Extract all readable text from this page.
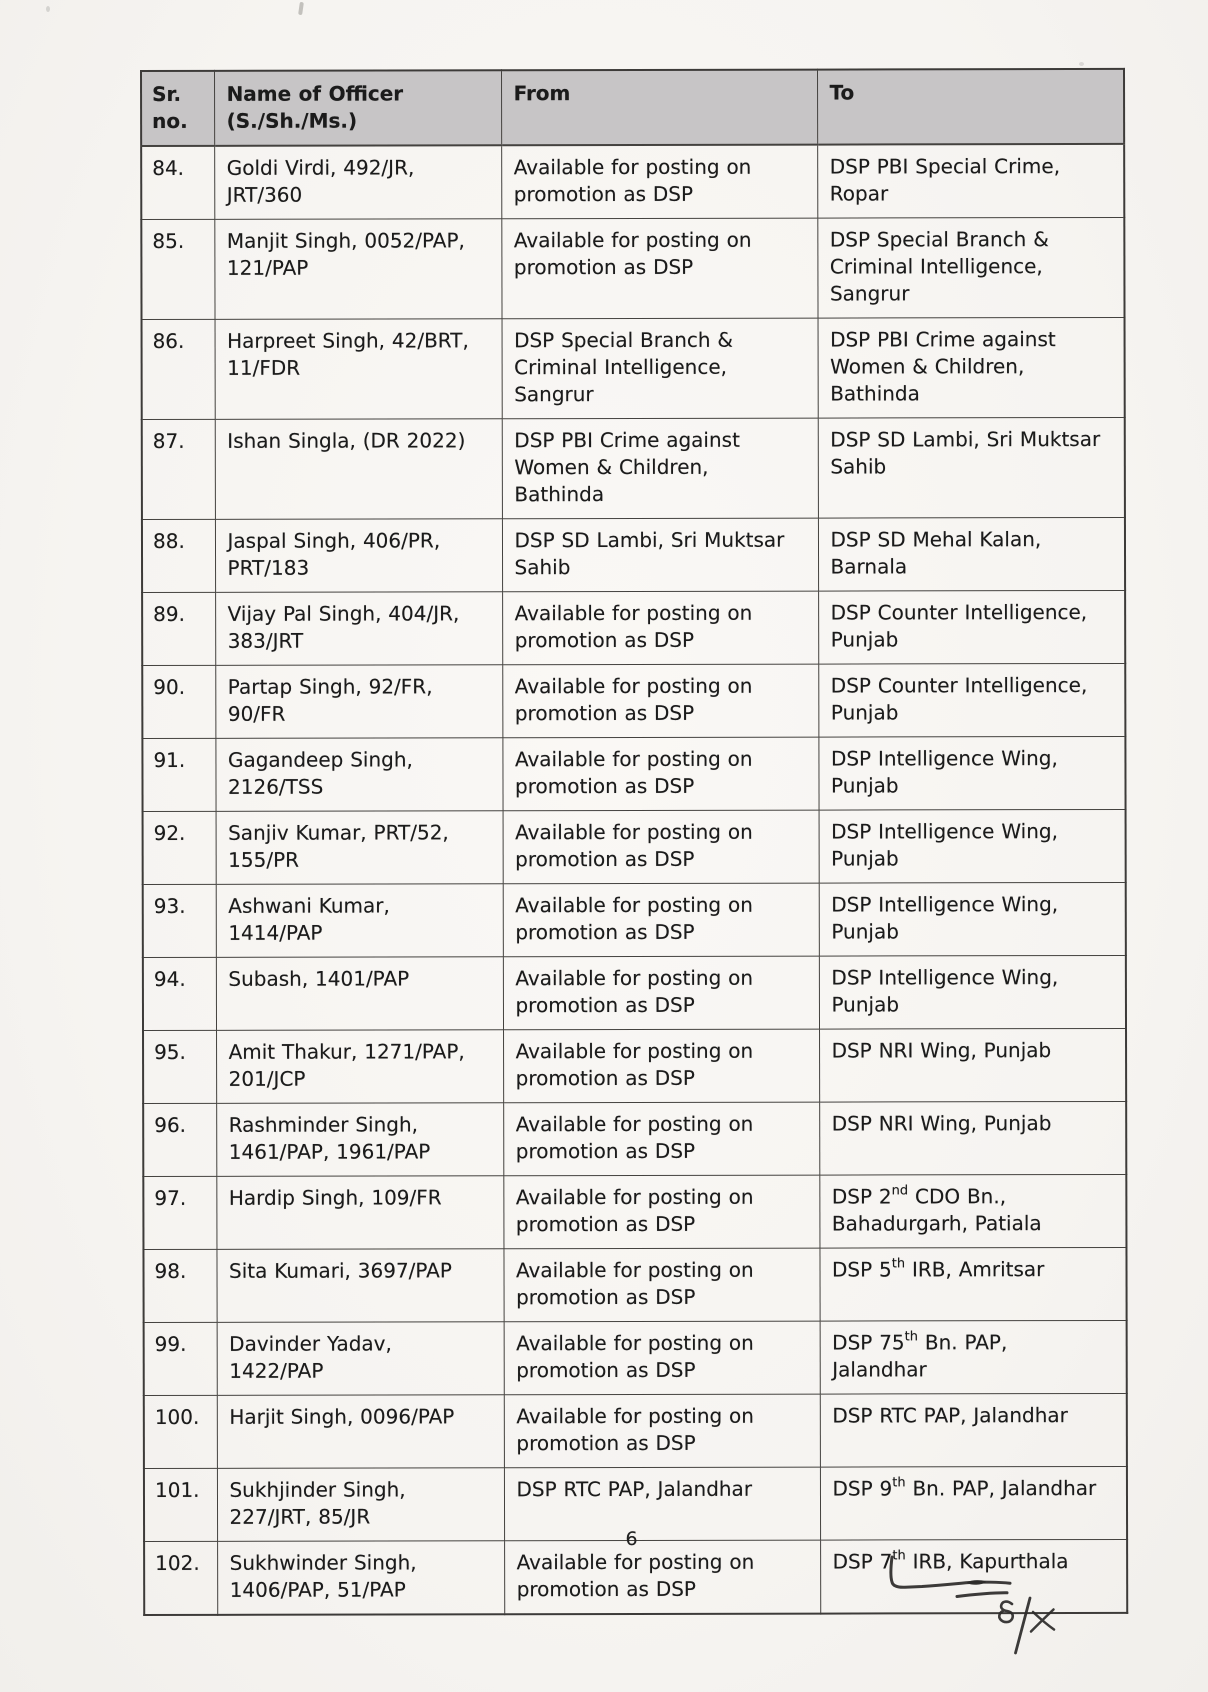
Sr. no.	Name of Officer (S./Sh./Ms.)	From	To
84.	Goldi Virdi, 492/JR, JRT/360	Available for posting on promotion as DSP	DSP PBI Special Crime, Ropar
85.	Manjit Singh, 0052/PAP, 121/PAP	Available for posting on promotion as DSP	DSP Special Branch & Criminal Intelligence, Sangrur
86.	Harpreet Singh, 42/BRT, 11/FDR	DSP Special Branch & Criminal Intelligence, Sangrur	DSP PBI Crime against Women & Children, Bathinda
87.	Ishan Singla, (DR 2022)	DSP PBI Crime against Women & Children, Bathinda	DSP SD Lambi, Sri Muktsar Sahib
88.	Jaspal Singh, 406/PR, PRT/183	DSP SD Lambi, Sri Muktsar Sahib	DSP SD Mehal Kalan, Barnala
89.	Vijay Pal Singh, 404/JR, 383/JRT	Available for posting on promotion as DSP	DSP Counter Intelligence, Punjab
90.	Partap Singh, 92/FR, 90/FR	Available for posting on promotion as DSP	DSP Counter Intelligence, Punjab
91.	Gagandeep Singh, 2126/TSS	Available for posting on promotion as DSP	DSP Intelligence Wing, Punjab
92.	Sanjiv Kumar, PRT/52, 155/PR	Available for posting on promotion as DSP	DSP Intelligence Wing, Punjab
93.	Ashwani Kumar, 1414/PAP	Available for posting on promotion as DSP	DSP Intelligence Wing, Punjab
94.	Subash, 1401/PAP	Available for posting on promotion as DSP	DSP Intelligence Wing, Punjab
95.	Amit Thakur, 1271/PAP, 201/JCP	Available for posting on promotion as DSP	DSP NRI Wing, Punjab
96.	Rashminder Singh, 1461/PAP, 1961/PAP	Available for posting on promotion as DSP	DSP NRI Wing, Punjab
97.	Hardip Singh, 109/FR	Available for posting on promotion as DSP	DSP 2nd CDO Bn., Bahadurgarh, Patiala
98.	Sita Kumari, 3697/PAP	Available for posting on promotion as DSP	DSP 5th IRB, Amritsar
99.	Davinder Yadav, 1422/PAP	Available for posting on promotion as DSP	DSP 75th Bn. PAP, Jalandhar
100.	Harjit Singh, 0096/PAP	Available for posting on promotion as DSP	DSP RTC PAP, Jalandhar
101.	Sukhjinder Singh, 227/JRT, 85/JR	DSP RTC PAP, Jalandhar	DSP 9th Bn. PAP, Jalandhar
102.	Sukhwinder Singh, 1406/PAP, 51/PAP	Available for posting on promotion as DSP	DSP 7th IRB, Kapurthala
6
